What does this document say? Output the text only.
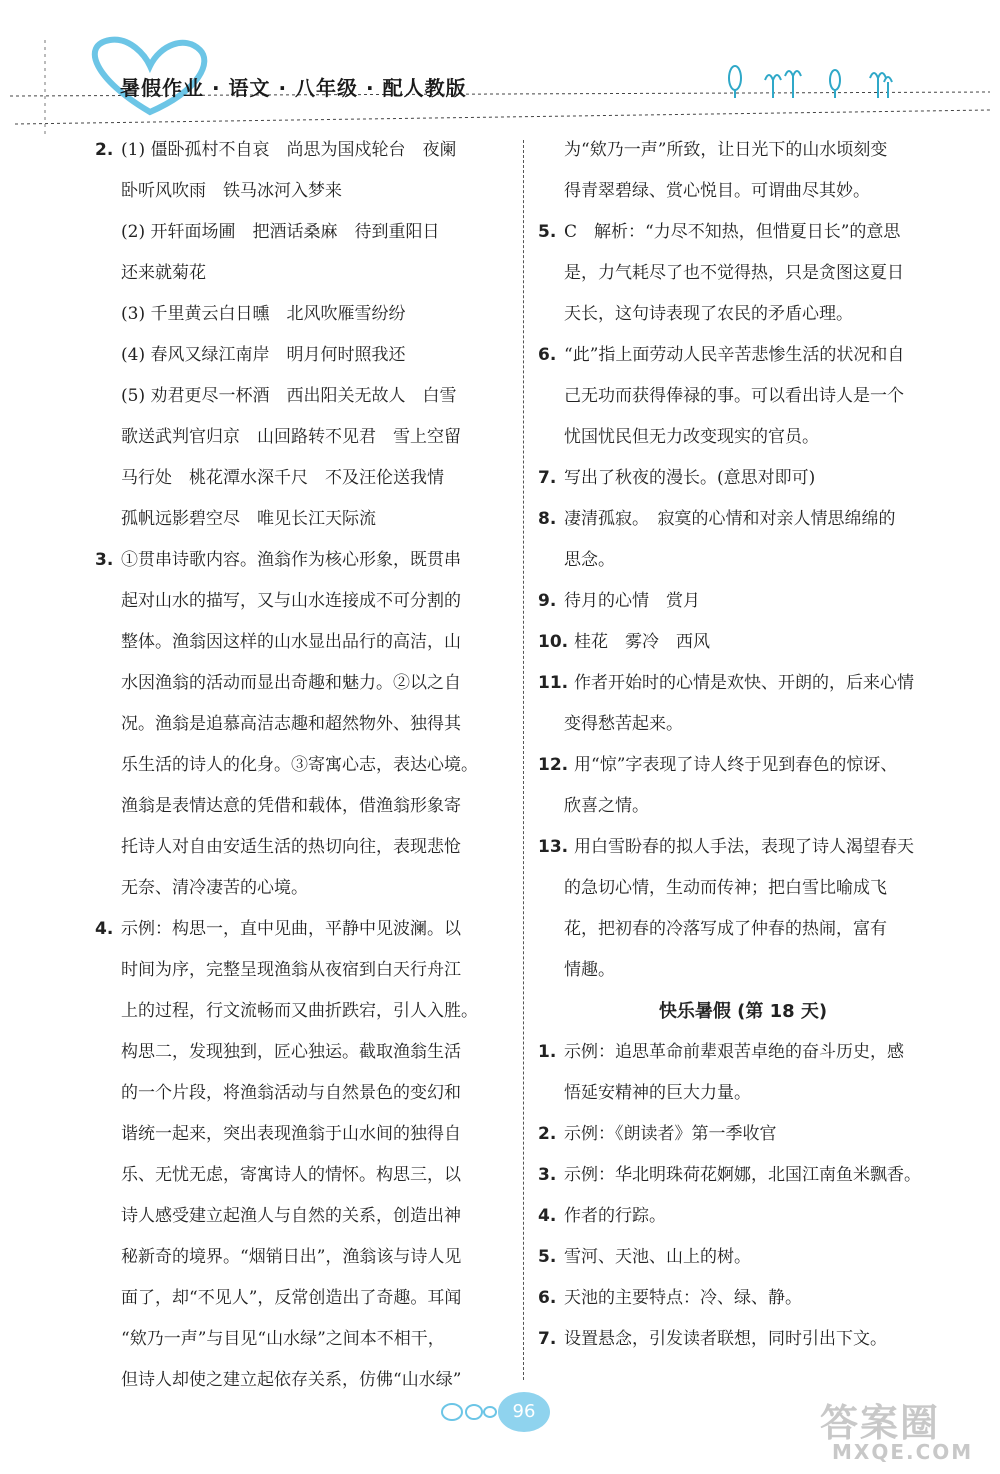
暑假作业 · 语文 · 八年级 · 配人教版
2. (1) 僵卧孤村不自哀　尚思为国戍轮台　夜阑
卧听风吹雨　铁马冰河入梦来
(2) 开轩面场圃　把酒话桑麻　待到重阳日
还来就菊花
(3) 千里黄云白日曛　北风吹雁雪纷纷
(4) 春风又绿江南岸　明月何时照我还
(5) 劝君更尽一杯酒　西出阳关无故人　白雪
歌送武判官归京　山回路转不见君　雪上空留
马行处　桃花潭水深千尺　不及汪伦送我情
孤帆远影碧空尽　唯见长江天际流
3. ①贯串诗歌内容。渔翁作为核心形象，既贯串
起对山水的描写，又与山水连接成不可分割的
整体。渔翁因这样的山水显出品行的高洁，山
水因渔翁的活动而显出奇趣和魅力。②以之自
况。渔翁是追慕高洁志趣和超然物外、独得其
乐生活的诗人的化身。③寄寓心志，表达心境。
渔翁是表情达意的凭借和载体，借渔翁形象寄
托诗人对自由安适生活的热切向往，表现悲怆
无奈、清冷凄苦的心境。
4. 示例：构思一，直中见曲，平静中见波澜。以
时间为序，完整呈现渔翁从夜宿到白天行舟江
上的过程，行文流畅而又曲折跌宕，引人入胜。
构思二，发现独到，匠心独运。截取渔翁生活
的一个片段，将渔翁活动与自然景色的变幻和
谐统一起来，突出表现渔翁于山水间的独得自
乐、无忧无虑，寄寓诗人的情怀。构思三，以
诗人感受建立起渔人与自然的关系，创造出神
秘新奇的境界。“烟销日出”，渔翁该与诗人见
面了，却“不见人”，反常创造出了奇趣。耳闻
“欸乃一声”与目见“山水绿”之间本不相干，
但诗人却使之建立起依存关系，仿佛“山水绿”
为“欸乃一声”所致，让日光下的山水顷刻变
得青翠碧绿、赏心悦目。可谓曲尽其妙。
5. C　解析：“力尽不知热，但惜夏日长”的意思
是，力气耗尽了也不觉得热，只是贪图这夏日
天长，这句诗表现了农民的矛盾心理。
6. “此”指上面劳动人民辛苦悲惨生活的状况和自
己无功而获得俸禄的事。可以看出诗人是一个
忧国忧民但无力改变现实的官员。
7. 写出了秋夜的漫长。(意思对即可)
8. 凄清孤寂。　寂寞的心情和对亲人情思绵绵的
思念。
9. 待月的心情　赏月
10. 桂花　雾冷　西风
11. 作者开始时的心情是欢快、开朗的，后来心情
变得愁苦起来。
12. 用“惊”字表现了诗人终于见到春色的惊讶、
欣喜之情。
13. 用白雪盼春的拟人手法，表现了诗人渴望春天
的急切心情，生动而传神；把白雪比喻成飞
花，把初春的冷落写成了仲春的热闹，富有
情趣。
快乐暑假 (第 18 天)
1. 示例：追思革命前辈艰苦卓绝的奋斗历史，感
悟延安精神的巨大力量。
2. 示例：《朗读者》第一季收官
3. 示例：华北明珠荷花婀娜，北国江南鱼米飘香。
4. 作者的行踪。
5. 雪河、天池、山上的树。
6. 天池的主要特点：冷、绿、静。
7. 设置悬念，引发读者联想，同时引出下文。
96	答案圈
MXQE.COM
